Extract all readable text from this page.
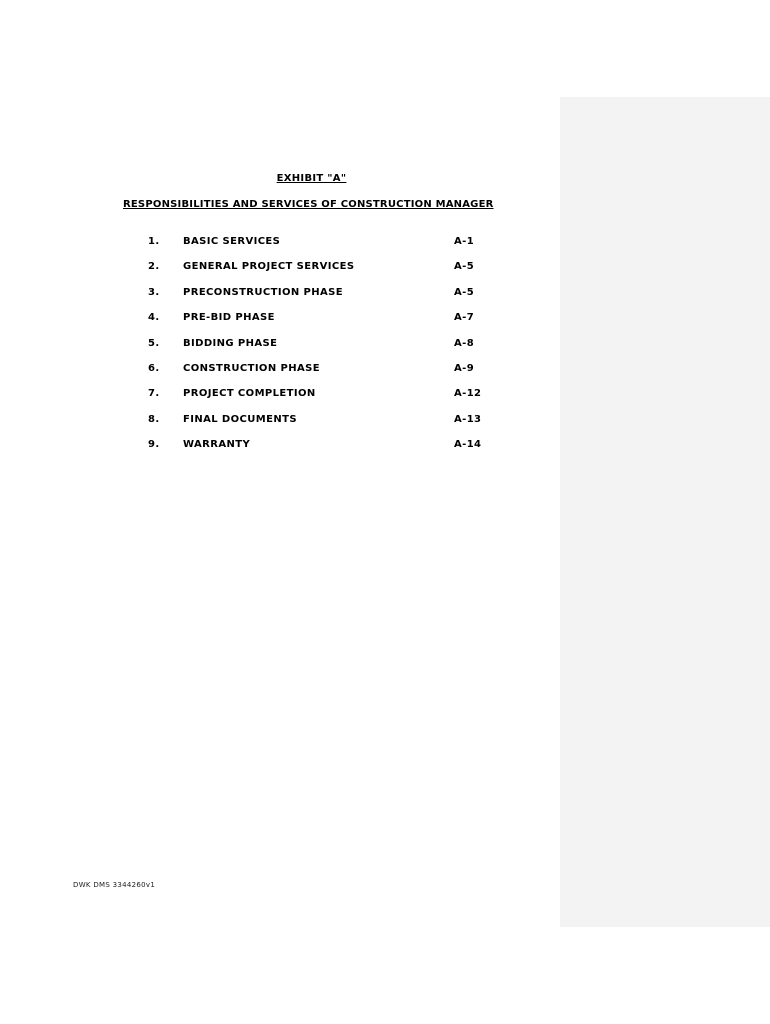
EXHIBIT "A"
RESPONSIBILITIES AND SERVICES OF CONSTRUCTION MANAGER
1. BASIC SERVICES	A-1
2. GENERAL PROJECT SERVICES	A-5
3. PRECONSTRUCTION PHASE	A-5
4. PRE-BID PHASE	A-7
5. BIDDING PHASE	A-8
6. CONSTRUCTION PHASE	A-9
7. PROJECT COMPLETION	A-12
8. FINAL DOCUMENTS	A-13
9. WARRANTY	A-14
DWK DMS 3344260v1
